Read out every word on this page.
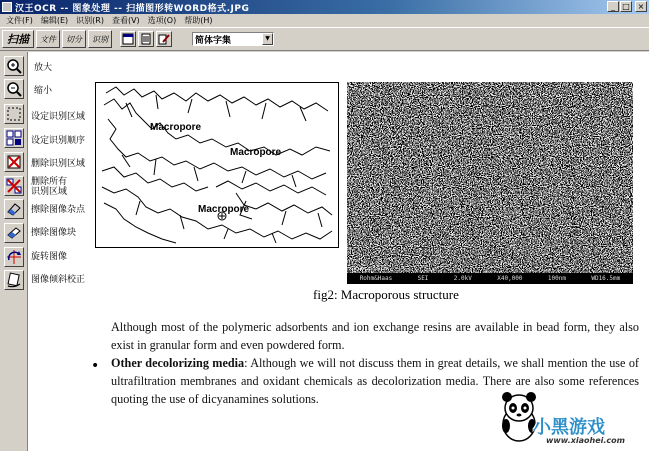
汉王OCR -- 图象处理 -- 扫描图形转WORD格式.JPG	_ □ ×
文件(F)	编辑(E)	识别(R)	查看(V)	选项(O)	帮助(H)
扫描	文件	切分	识别	简体字集	▼
放大
缩小
设定识别区域
设定识别顺序
删除识别区域
删除所有
识别区域
擦除图像杂点
擦除图像块
旋转图像
图像倾斜校正
Macropore
Macropore
Macropore
1 µm Y. 1 unit
Rohm&Haas	SEI	2.0kV	X40,000	100nm	WD16.5mm
fig2: Macroporous structure

Although most of the polymeric adsorbents and ion exchange resins are available in bead form, they also exist in granular form and even powdered form.

• Other decolorizing media: Although we will not discuss them in great details, we shall mention the use of ultrafiltration membranes and oxidant chemicals as decolorization media. There are also some references quoting the use of dicyanamines solutions.

小黑游戏
www.xiaohei.com
